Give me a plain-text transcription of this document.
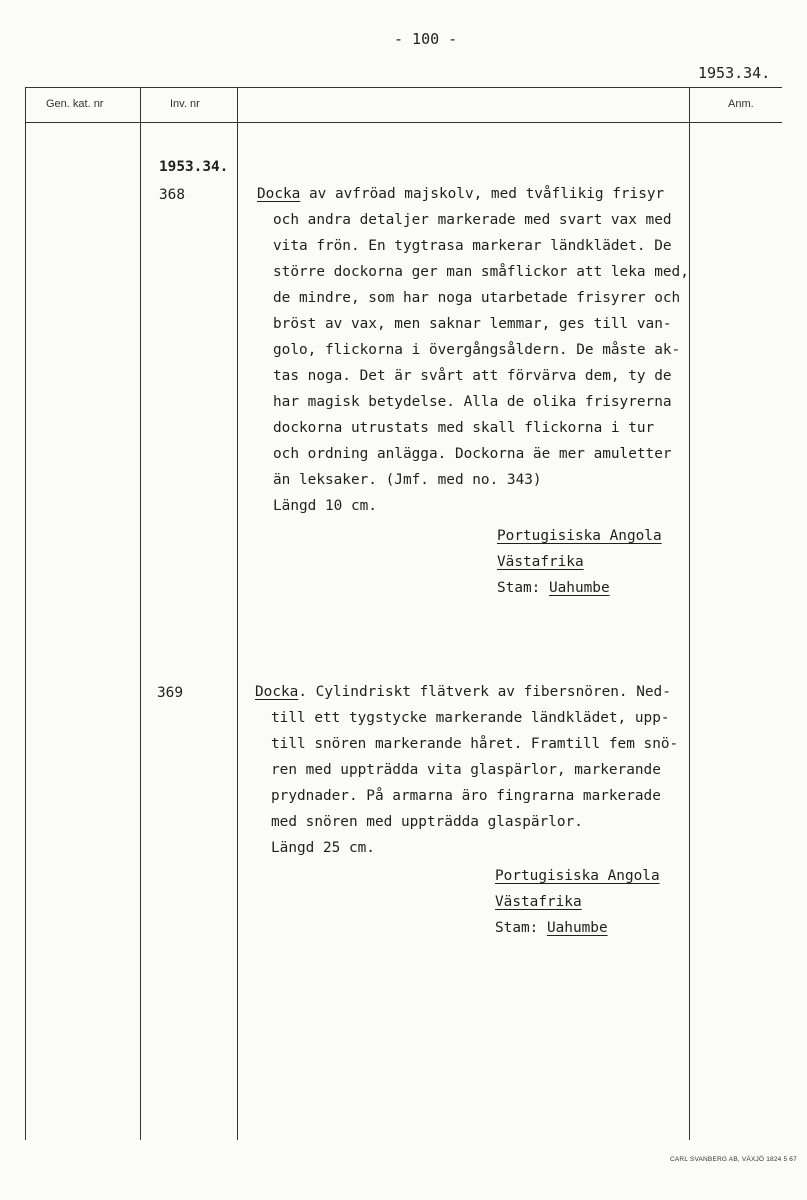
- 100 -
1953.34.
Gen. kat. nr	Inv. nr	Anm.
1953.34.
368	Docka av avfröad majskolv, med tvåflikig frisyr
och andra detaljer markerade med svart vax med
vita frön. En tygtrasa markerar ländklädet. De
större dockorna ger man småflickor att leka med,
de mindre, som har noga utarbetade frisyrer och
bröst av vax, men saknar lemmar, ges till van-
golo, flickorna i övergångsåldern. De måste ak-
tas noga. Det är svårt att förvärva dem, ty de
har magisk betydelse. Alla de olika frisyrerna
dockorna utrustats med skall flickorna i tur
och ordning anlägga. Dockorna äe mer amuletter
än leksaker. (Jmf. med no. 343)
Längd 10 cm.
Portugisiska Angola
Västafrika
Stam: Uahumbe
369	Docka. Cylindriskt flätverk av fibersnören. Ned-
till ett tygstycke markerande ländklädet, upp-
till snören markerande håret. Framtill fem snö-
ren med uppträdda vita glaspärlor, markerande
prydnader. På armarna äro fingrarna markerade
med snören med uppträdda glaspärlor.
Längd 25 cm.
Portugisiska Angola
Västafrika
Stam: Uahumbe
CARL SVANBERG AB, VÄXJÖ 1824 5 67
